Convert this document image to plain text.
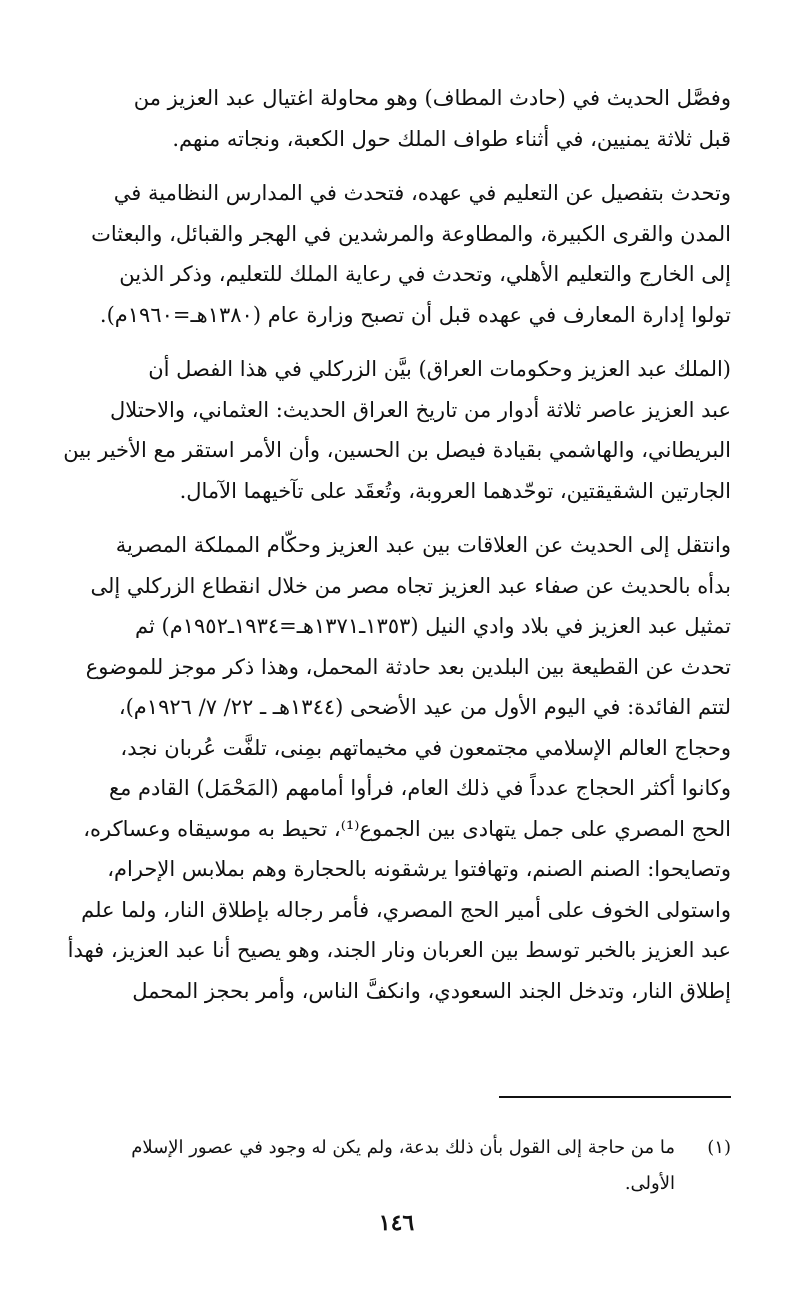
وفصَّل الحديث في (حادث المطاف) وهو محاولة اغتيال عبد العزيز من
قبل ثلاثة يمنيين، في أثناء طواف الملك حول الكعبة، ونجاته منهم.

وتحدث بتفصيل عن التعليم في عهده، فتحدث في المدارس النظامية في
المدن والقرى الكبيرة، والمطاوعة والمرشدين في الهجر والقبائل، والبعثات
إلى الخارج والتعليم الأهلي، وتحدث في رعاية الملك للتعليم، وذكر الذين
تولوا إدارة المعارف في عهده قبل أن تصبح وزارة عام (١٣٨٠هـ=١٩٦٠م).

(الملك عبد العزيز وحكومات العراق) بيَّن الزركلي في هذا الفصل أن
عبد العزيز عاصر ثلاثة أدوار من تاريخ العراق الحديث: العثماني، والاحتلال
البريطاني، والهاشمي بقيادة فيصل بن الحسين، وأن الأمر استقر مع الأخير بين
الجارتين الشقيقتين، توحّدهما العروبة، وتُعقَد على تآخيهما الآمال.

وانتقل إلى الحديث عن العلاقات بين عبد العزيز وحكّام المملكة المصرية
بدأه بالحديث عن صفاء عبد العزيز تجاه مصر من خلال انقطاع الزركلي إلى
تمثيل عبد العزيز في بلاد وادي النيل (١٣٥٣ـ١٣٧١هـ=١٩٣٤ـ١٩٥٢م) ثم
تحدث عن القطيعة بين البلدين بعد حادثة المحمل، وهذا ذكر موجز للموضوع
لتتم الفائدة: في اليوم الأول من عيد الأضحى (١٣٤٤هـ ـ ٢٢/ ٧/ ١٩٢٦م)،
وحجاج العالم الإسلامي مجتمعون في مخيماتهم بمِنى، تلفَّت عُربان نجد،
وكانوا أكثر الحجاج عدداً في ذلك العام، فرأوا أمامهم (المَحْمَل) القادم مع
الحج المصري على جمل يتهادى بين الجموع⁽¹⁾، تحيط به موسيقاه وعساكره،
وتصايحوا: الصنم الصنم، وتهافتوا يرشقونه بالحجارة وهم بملابس الإحرام،
واستولى الخوف على أمير الحج المصري، فأمر رجاله بإطلاق النار، ولما علم
عبد العزيز بالخبر توسط بين العربان ونار الجند، وهو يصيح أنا عبد العزيز، فهدأ
إطلاق النار، وتدخل الجند السعودي، وانكفَّ الناس، وأمر بحجز المحمل

(١)
ما من حاجة إلى القول بأن ذلك بدعة، ولم يكن له وجود في عصور الإسلام
الأولى.
١٤٦
